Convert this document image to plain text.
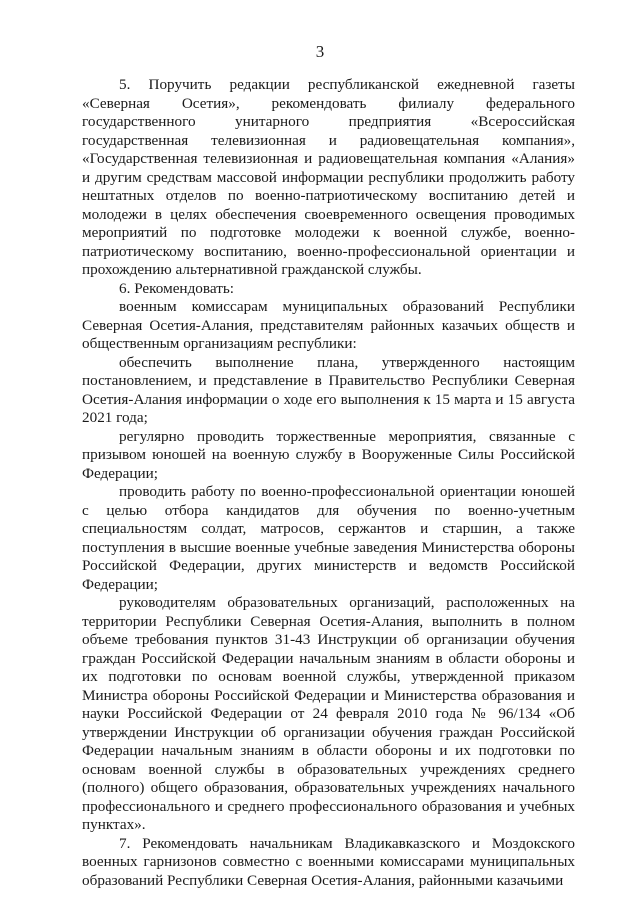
3

5. Поручить редакции республиканской ежедневной газеты «Северная Осетия», рекомендовать филиалу федерального государственного унитарного предприятия «Всероссийская государственная телевизионная и радиовещательная компания», «Государственная телевизионная и радиовещательная компания «Алания» и другим средствам массовой информации республики продолжить работу нештатных отделов по военно-патриотическому воспитанию детей и молодежи в целях обеспечения своевременного освещения проводимых мероприятий по подготовке молодежи к военной службе, военно-патриотическому воспитанию, военно-профессиональной ориентации и прохождению альтернативной гражданской службы.

6. Рекомендовать:

военным комиссарам муниципальных образований Республики Северная Осетия-Алания, представителям районных казачьих обществ и общественным организациям республики:

обеспечить выполнение плана, утвержденного настоящим постановлением, и представление в Правительство Республики Северная Осетия-Алания информации о ходе его выполнения к 15 марта и 15 августа 2021 года;

регулярно проводить торжественные мероприятия, связанные с призывом юношей на военную службу в Вооруженные Силы Российской Федерации;

проводить работу по военно-профессиональной ориентации юношей с целью отбора кандидатов для обучения по военно-учетным специальностям солдат, матросов, сержантов и старшин, а также поступления в высшие военные учебные заведения Министерства обороны Российской Федерации, других министерств и ведомств Российской Федерации;

руководителям образовательных организаций, расположенных на территории Республики Северная Осетия-Алания, выполнить в полном объеме требования пунктов 31-43 Инструкции об организации обучения граждан Российской Федерации начальным знаниям в области обороны и их подготовки по основам военной службы, утвержденной приказом Министра обороны Российской Федерации и Министерства образования и науки Российской Федерации от 24 февраля 2010 года № 96/134 «Об утверждении Инструкции об организации обучения граждан Российской Федерации начальным знаниям в области обороны и их подготовки по основам военной службы в образовательных учреждениях среднего (полного) общего образования, образовательных учреждениях начального профессионального и среднего профессионального образования и учебных пунктах».

7. Рекомендовать начальникам Владикавказского и Моздокского военных гарнизонов совместно с военными комиссарами муниципальных образований Республики Северная Осетия-Алания, районными казачьими
